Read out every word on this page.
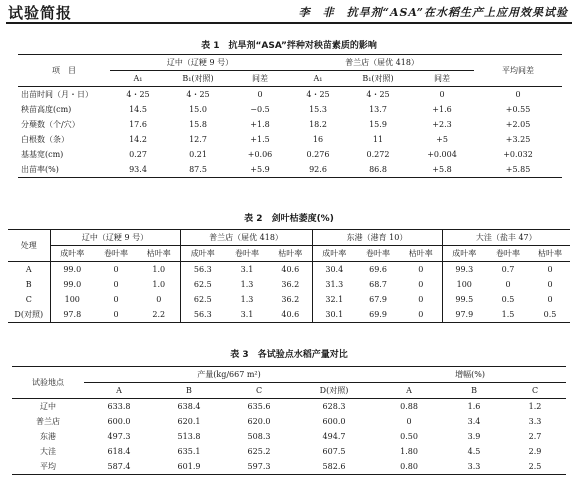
试验简报	李　非　抗旱剂“ASA”在水稻生产上应用效果试验
表 1　抗旱剂“ASA”拌种对秧苗素质的影响
项　目	辽中（辽粳 9 号）			普兰店（屉优 418）			平均间差
	A₁	B₁(对照)	间差	A₁	B₁(对照)	间差	
出苗时间（月・日）	4・25	4・25	0	4・25	4・25	0	0
秧苗高度(cm)	14.5	15.0	−0.5	15.3	13.7	+1.6	+0.55
分蘖数（个/穴）	17.6	15.8	+1.8	18.2	15.9	+2.3	+2.05
白根数（条）	14.2	12.7	+1.5	16	11	+5	+3.25
基基宽(cm)	0.27	0.21	+0.06	0.276	0.272	+0.004	+0.032
出苗率(%)	93.4	87.5	+5.9	92.6	86.8	+5.8	+5.85
表 2　剑叶枯萎度(%)
处理	辽中（辽粳 9 号）			普兰店（屉优 418）			东港（港育 10）			大洼（盐丰 47）		
	成叶率	卷叶率	枯叶率	成叶率	卷叶率	枯叶率	成叶率	卷叶率	枯叶率	成叶率	卷叶率	枯叶率
A	99.0	0	1.0	56.3	3.1	40.6	30.4	69.6	0	99.3	0.7	0
B	99.0	0	1.0	62.5	1.3	36.2	31.3	68.7	0	100	0	0
C	100	0	0	62.5	1.3	36.2	32.1	67.9	0	99.5	0.5	0
D(对照)	97.8	0	2.2	56.3	3.1	40.6	30.1	69.9	0	97.9	1.5	0.5
表 3　各试验点水稻产量对比
试验地点	产量(kg/667 m²)				增幅(%)		
	A	B	C	D(对照)	A	B	C
辽中	633.8	638.4	635.6	628.3	0.88	1.6	1.2
普兰店	600.0	620.1	620.0	600.0	0	3.4	3.3
东港	497.3	513.8	508.3	494.7	0.50	3.9	2.7
大洼	618.4	635.1	625.2	607.5	1.80	4.5	2.9
平均	587.4	601.9	597.3	582.6	0.80	3.3	2.5
